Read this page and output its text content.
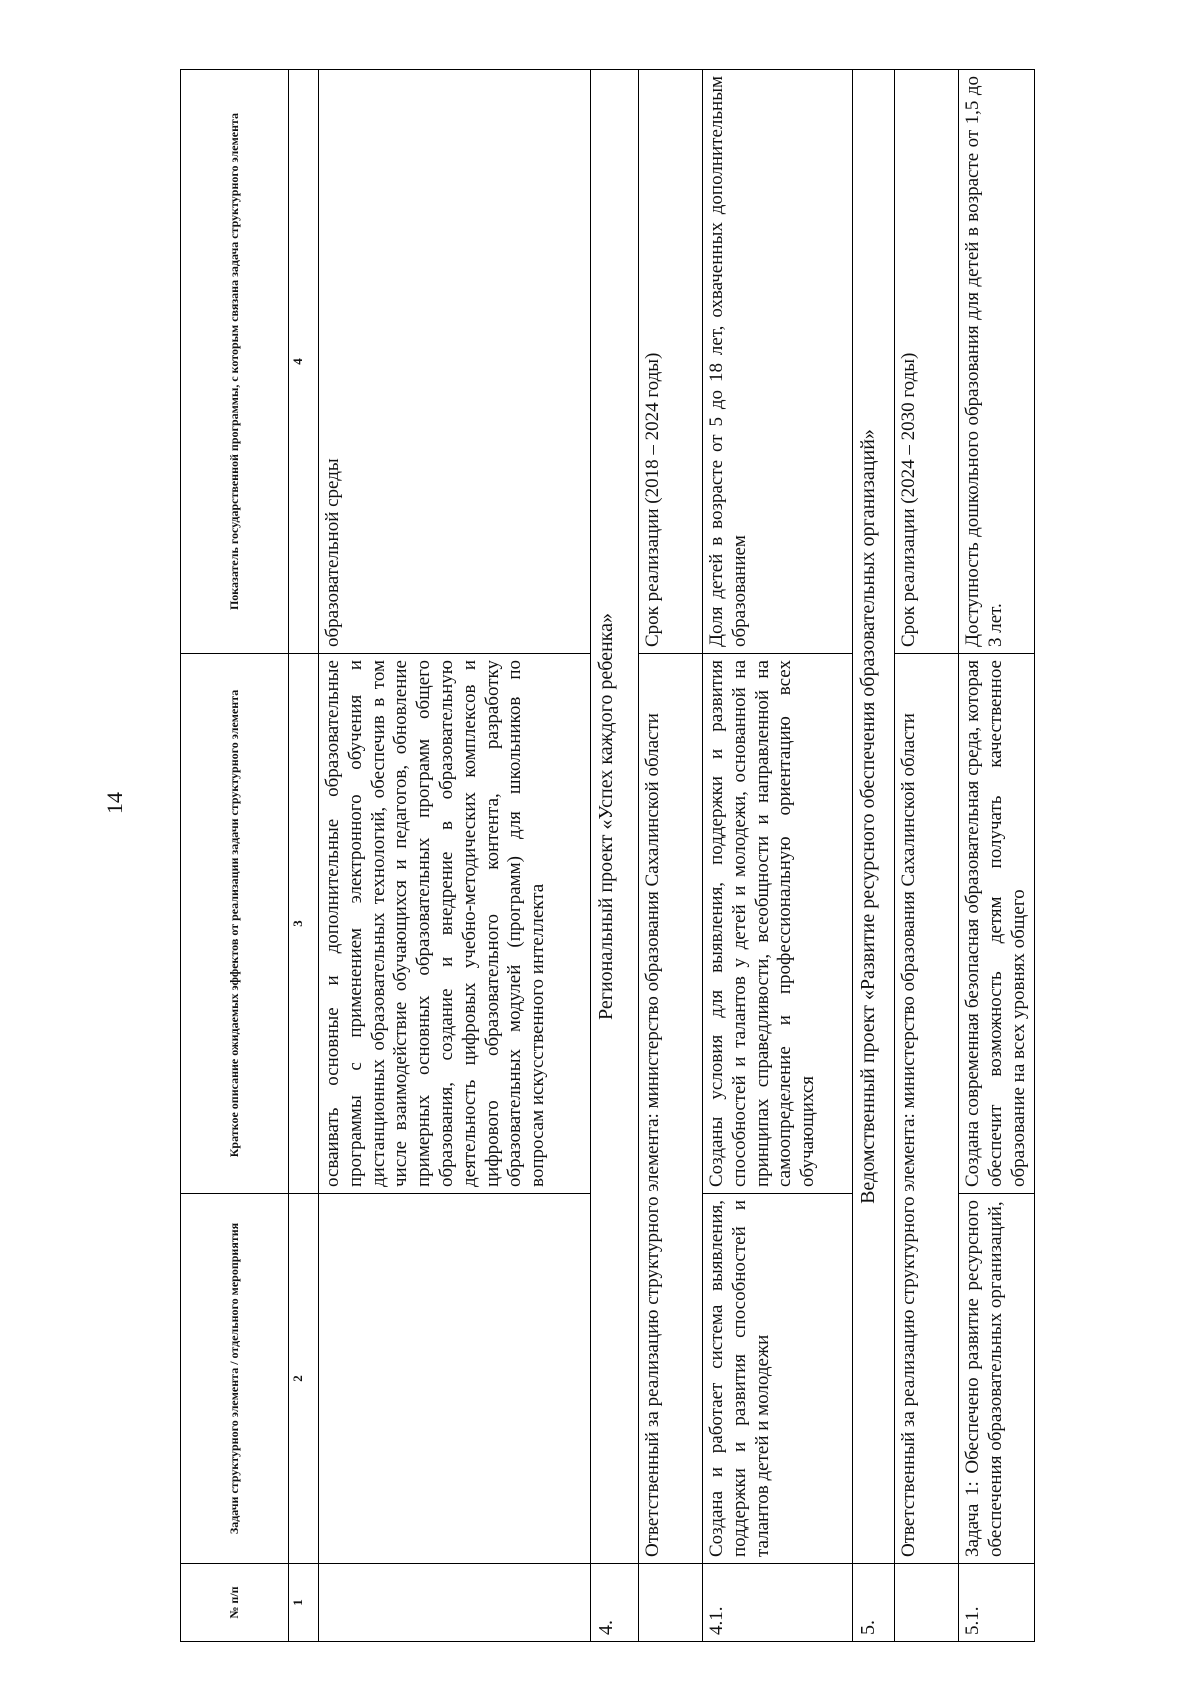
14
№ п/п	Задачи структурного элемента / отдельного мероприятия	Краткое описание ожидаемых эффектов от реализации задачи структурного элемента	Показатель государственной программы, с которым связана задача структурного элемента
1	2	3	4
		осваивать основные и дополнительные образовательные программы с применением электронного обучения и дистанционных образовательных технологий, обеспечив в том числе взаимодействие обучающихся и педагогов, обновление примерных основных образовательных программ общего образования, создание и внедрение в образовательную деятельность цифровых учебно-методических комплексов и цифрового образовательного контента, разработку образовательных модулей (программ) для школьников по вопросам искусственного интеллекта	образовательной среды
4.	Региональный проект «Успех каждого ребенка»		
	Ответственный за реализацию структурного элемента: министерство образования Сахалинской области		Срок реализации (2018 – 2024 годы)
4.1.	Создана и работает система выявления, поддержки и развития способностей и талантов детей и молодежи	Созданы условия для выявления, поддержки и развития способностей и талантов у детей и молодежи, основанной на принципах справедливости, всеобщности и направленной на самоопределение и профессиональную ориентацию всех обучающихся	Доля детей в возрасте от 5 до 18 лет, охваченных дополнительным образованием
5.	Ведомственный проект «Развитие ресурсного обеспечения образовательных организаций»		
	Ответственный за реализацию структурного элемента: министерство образования Сахалинской области		Срок реализации (2024 – 2030 годы)
5.1.	Задача 1: Обеспечено развитие ресурсного обеспечения образовательных организаций,	Создана современная безопасная образовательная среда, которая обеспечит возможность детям получать качественное образование на всех уровнях общего	Доступность дошкольного образования для детей в возрасте от 1,5 до 3 лет.
